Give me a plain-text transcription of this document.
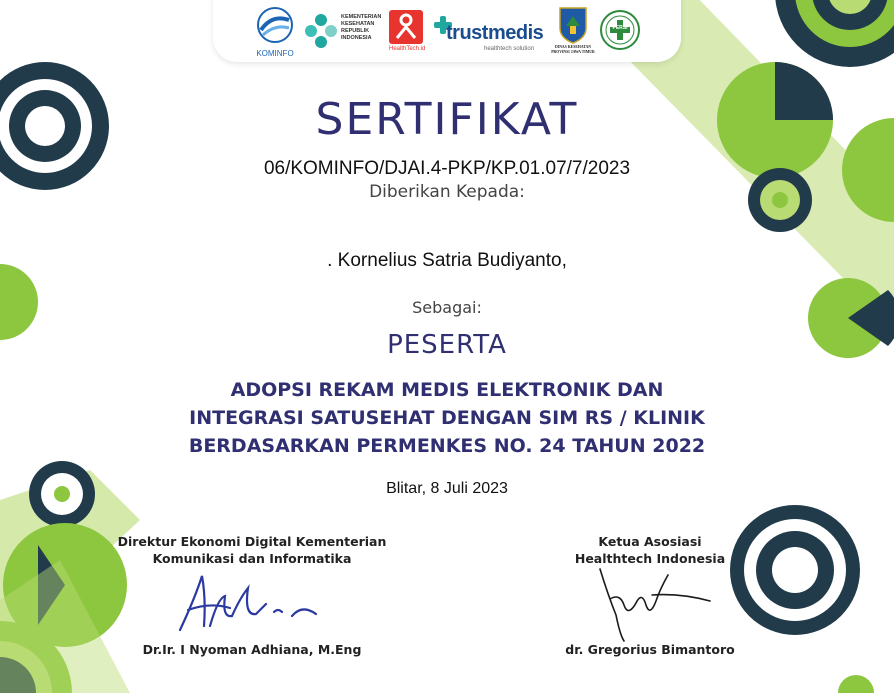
KOMINFO
KEMENTERIAN
KESEHATAN
REPUBLIK
INDONESIA
HealthTech.id
trustmedis
healthtech solution	DINAS KESEHATAN
PROVINSI JAWA TIMUR
PERSI
SERTIFIKAT
06/KOMINFO/DJAI.4-PKP/KP.01.07/7/2023
Diberikan Kepada:
. Kornelius Satria Budiyanto,
Sebagai:
PESERTA
ADOPSI REKAM MEDIS ELEKTRONIK DAN
INTEGRASI SATUSEHAT DENGAN SIM RS / KLINIK
BERDASARKAN PERMENKES NO. 24 TAHUN 2022
Blitar, 8 Juli 2023
Direktur Ekonomi Digital Kementerian
Komunikasi dan Informatika
Dr.Ir. I Nyoman Adhiana, M.Eng
Ketua Asosiasi
Healthtech Indonesia
dr. Gregorius Bimantoro
